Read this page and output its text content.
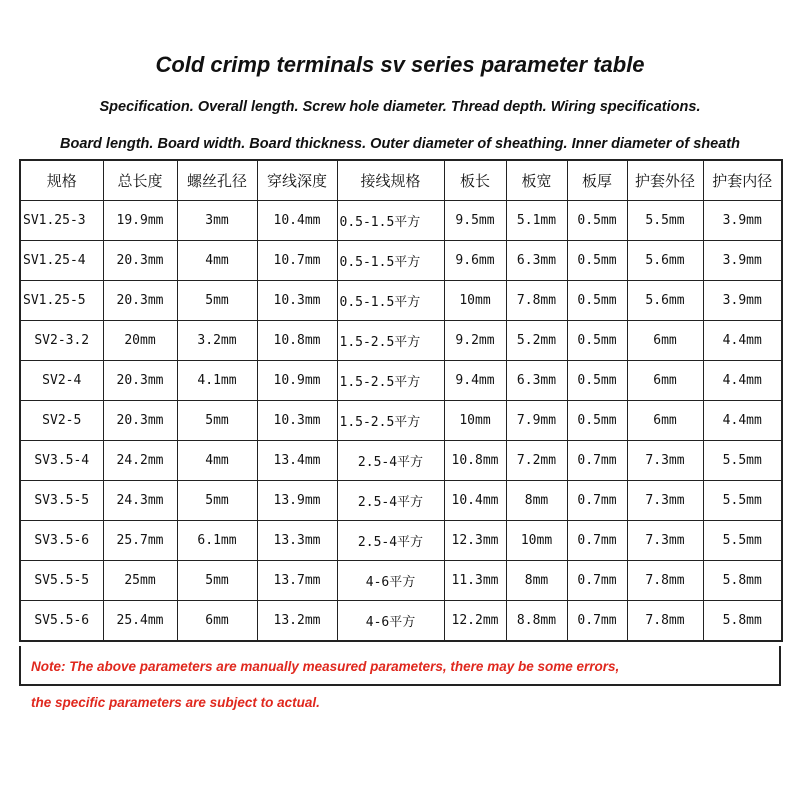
Cold crimp terminals sv series parameter table
Specification. Overall length. Screw hole diameter. Thread depth. Wiring specifications.
Board length. Board width. Board thickness. Outer diameter of sheathing. Inner diameter of sheath
规格	总长度	螺丝孔径	穿线深度	接线规格	板长	板宽	板厚	护套外径	护套内径
SV1.25-3	19.9mm	3mm	10.4mm	0.5-1.5平方	9.5mm	5.1mm	0.5mm	5.5mm	3.9mm
SV1.25-4	20.3mm	4mm	10.7mm	0.5-1.5平方	9.6mm	6.3mm	0.5mm	5.6mm	3.9mm
SV1.25-5	20.3mm	5mm	10.3mm	0.5-1.5平方	10mm	7.8mm	0.5mm	5.6mm	3.9mm
SV2-3.2	20mm	3.2mm	10.8mm	1.5-2.5平方	9.2mm	5.2mm	0.5mm	6mm	4.4mm
SV2-4	20.3mm	4.1mm	10.9mm	1.5-2.5平方	9.4mm	6.3mm	0.5mm	6mm	4.4mm
SV2-5	20.3mm	5mm	10.3mm	1.5-2.5平方	10mm	7.9mm	0.5mm	6mm	4.4mm
SV3.5-4	24.2mm	4mm	13.4mm	2.5-4平方	10.8mm	7.2mm	0.7mm	7.3mm	5.5mm
SV3.5-5	24.3mm	5mm	13.9mm	2.5-4平方	10.4mm	8mm	0.7mm	7.3mm	5.5mm
SV3.5-6	25.7mm	6.1mm	13.3mm	2.5-4平方	12.3mm	10mm	0.7mm	7.3mm	5.5mm
SV5.5-5	25mm	5mm	13.7mm	4-6平方	11.3mm	8mm	0.7mm	7.8mm	5.8mm
SV5.5-6	25.4mm	6mm	13.2mm	4-6平方	12.2mm	8.8mm	0.7mm	7.8mm	5.8mm
Note: The above parameters are manually measured parameters, there may be some errors,
the specific parameters are subject to actual.
